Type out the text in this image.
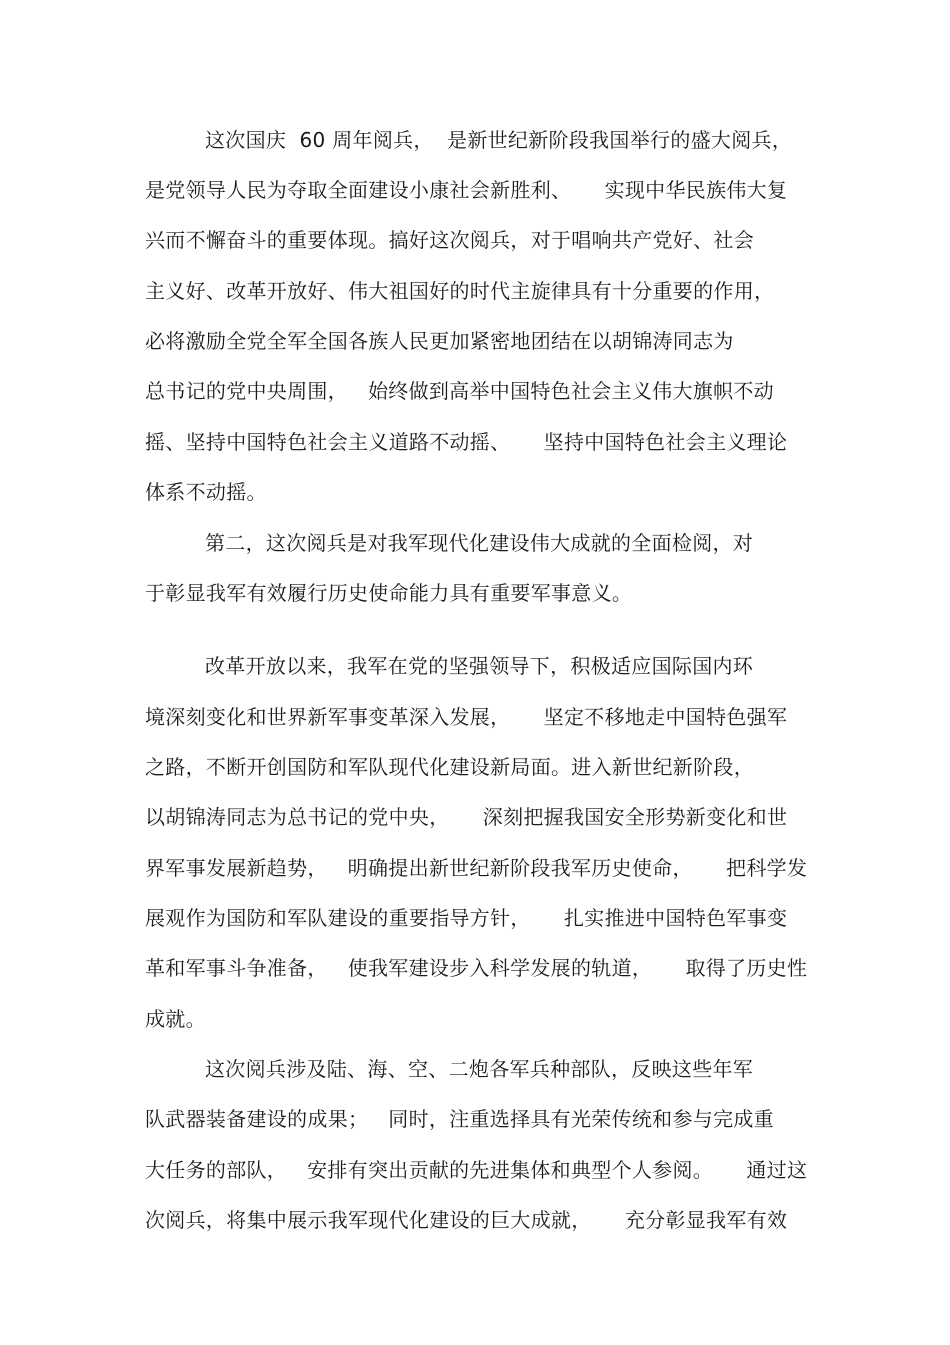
这次国庆  60 周年阅兵，  是新世纪新阶段我国举行的盛大阅兵，
是党领导人民为夺取全面建设小康社会新胜利、     实现中华民族伟大复
兴而不懈奋斗的重要体现。搞好这次阅兵，对于唱响共产党好、社会
主义好、改革开放好、伟大祖国好的时代主旋律具有十分重要的作用，
必将激励全党全军全国各族人民更加紧密地团结在以胡锦涛同志为
总书记的党中央周围，   始终做到高举中国特色社会主义伟大旗帜不动
摇、坚持中国特色社会主义道路不动摇、     坚持中国特色社会主义理论
体系不动摇。
第二，这次阅兵是对我军现代化建设伟大成就的全面检阅，对
于彰显我军有效履行历史使命能力具有重要军事意义。
改革开放以来，我军在党的坚强领导下，积极适应国际国内环
境深刻变化和世界新军事变革深入发展，     坚定不移地走中国特色强军
之路，不断开创国防和军队现代化建设新局面。进入新世纪新阶段，
以胡锦涛同志为总书记的党中央，     深刻把握我国安全形势新变化和世
界军事发展新趋势，   明确提出新世纪新阶段我军历史使命，     把科学发
展观作为国防和军队建设的重要指导方针，     扎实推进中国特色军事变
革和军事斗争准备，   使我军建设步入科学发展的轨道，     取得了历史性
成就。
这次阅兵涉及陆、海、空、二炮各军兵种部队，反映这些年军
队武器装备建设的成果；   同时，注重选择具有光荣传统和参与完成重
大任务的部队，   安排有突出贡献的先进集体和典型个人参阅。     通过这
次阅兵，将集中展示我军现代化建设的巨大成就，     充分彰显我军有效
